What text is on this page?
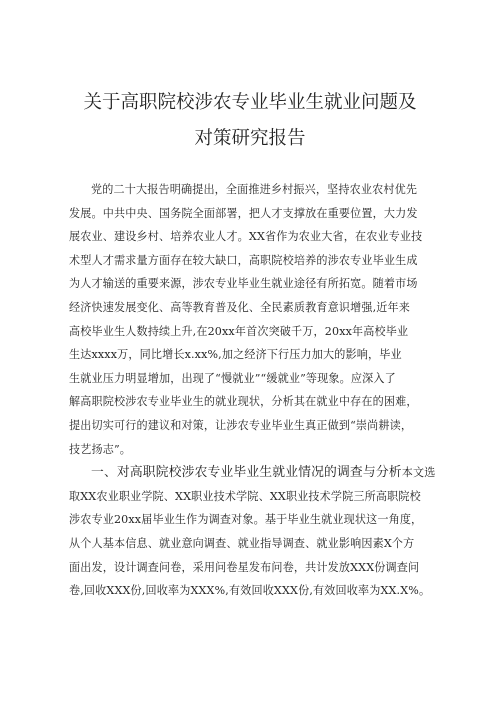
关于高职院校涉农专业毕业生就业问题及
对策研究报告

党的二十大报告明确提出，全面推进乡村振兴，坚持农业农村优先
发展。中共中央、国务院全面部署，把人才支撑放在重要位置，大力发
展农业、建设乡村、培养农业人才。XX省作为农业大省，在农业专业技
术型人才需求量方面存在较大缺口，高职院校培养的涉农专业毕业生成
为人才输送的重要来源，涉农专业毕业生就业途径有所拓宽。随着市场
经济快速发展变化、高等教育普及化、全民素质教育意识增强,近年来
高校毕业生人数持续上升,在20xx年首次突破千万，20xx年高校毕业
生达xxxx万，同比增长x.xx%,加之经济下行压力加大的影响，毕业
生就业压力明显增加，出现了“慢就业”“缓就业”等现象。应深入了
解高职院校涉农专业毕业生的就业现状，分析其在就业中存在的困难，
提出切实可行的建议和对策，让涉农专业毕业生真正做到“崇尚耕读，
技艺扬志”。

一、对高职院校涉农专业毕业生就业情况的调查与分析本文选
取XX农业职业学院、XX职业技术学院、XX职业技术学院三所高职院校
涉农专业20xx届毕业生作为调查对象。基于毕业生就业现状这一角度，
从个人基本信息、就业意向调查、就业指导调查、就业影响因素X个方
面出发，设计调查问卷，采用问卷星发布问卷，共计发放XXX份调查问
卷,回收XXX份,回收率为XXX%,有效回收XXX份,有效回收率为XX.X%。
